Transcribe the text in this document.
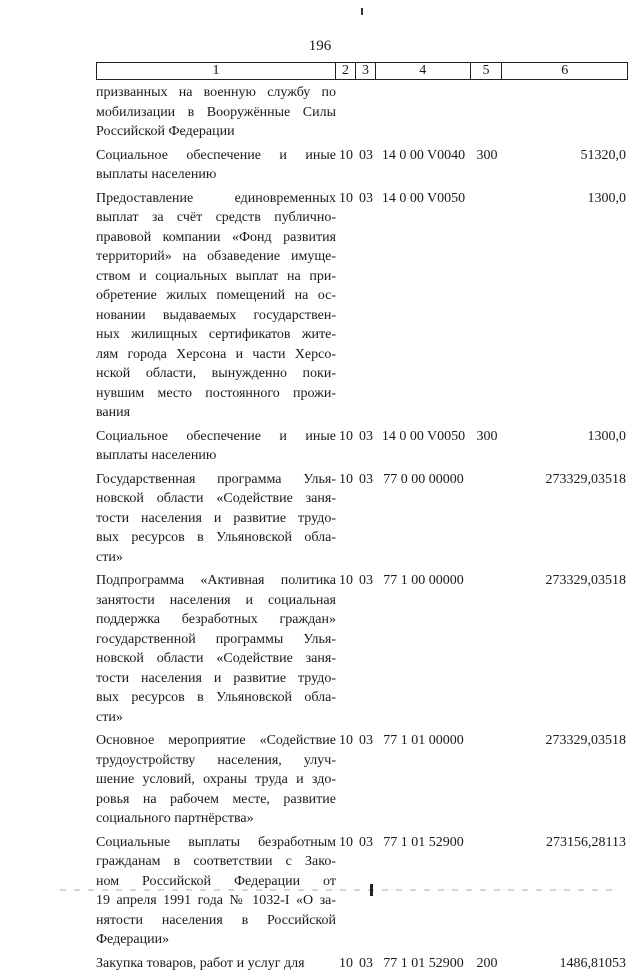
196
1	2 3	4	5	6
призванных на военную службу по
мобилизации в Вооружённые Силы
Российской Федерации
Социальное обеспечение и иные
выплаты населению
10 03 14 0 00 V0040 300	51320,0
Предоставление единовременных
выплат за счёт средств публично-
правовой компании «Фонд развития
территорий» на обзаведение имуще-
ством и социальных выплат на при-
обретение жилых помещений на ос-
новании выдаваемых государствен-
ных жилищных сертификатов жите-
лям города Херсона и части Херсо-
нской области, вынужденно поки-
нувшим место постоянного прожи-
вания
10 03 14 0 00 V0050	1300,0
Социальное обеспечение и иные
выплаты населению
10 03 14 0 00 V0050 300	1300,0
Государственная программа Улья-
новской области «Содействие заня-
тости населения и развитие трудо-
вых ресурсов в Ульяновской обла-
сти»
10 03 77 0 00 00000	273329,03518
Подпрограмма «Активная политика
занятости населения и социальная
поддержка безработных граждан»
государственной программы Улья-
новской области «Содействие заня-
тости населения и развитие трудо-
вых ресурсов в Ульяновской обла-
сти»
10 03 77 1 00 00000	273329,03518
Основное мероприятие «Содействие
трудоустройству населения, улуч-
шение условий, охраны труда и здо-
ровья на рабочем месте, развитие
социального партнёрства»
10 03 77 1 01 00000	273329,03518
Социальные выплаты безработным
гражданам в соответствии с Зако-
ном Российской Федерации от
19 апреля 1991 года № 1032-I «О за-
нятости населения в Российской
Федерации»
10 03 77 1 01 52900	273156,28113
Закупка товаров, работ и услуг для	10 03 77 1 01 52900 200	1486,81053
